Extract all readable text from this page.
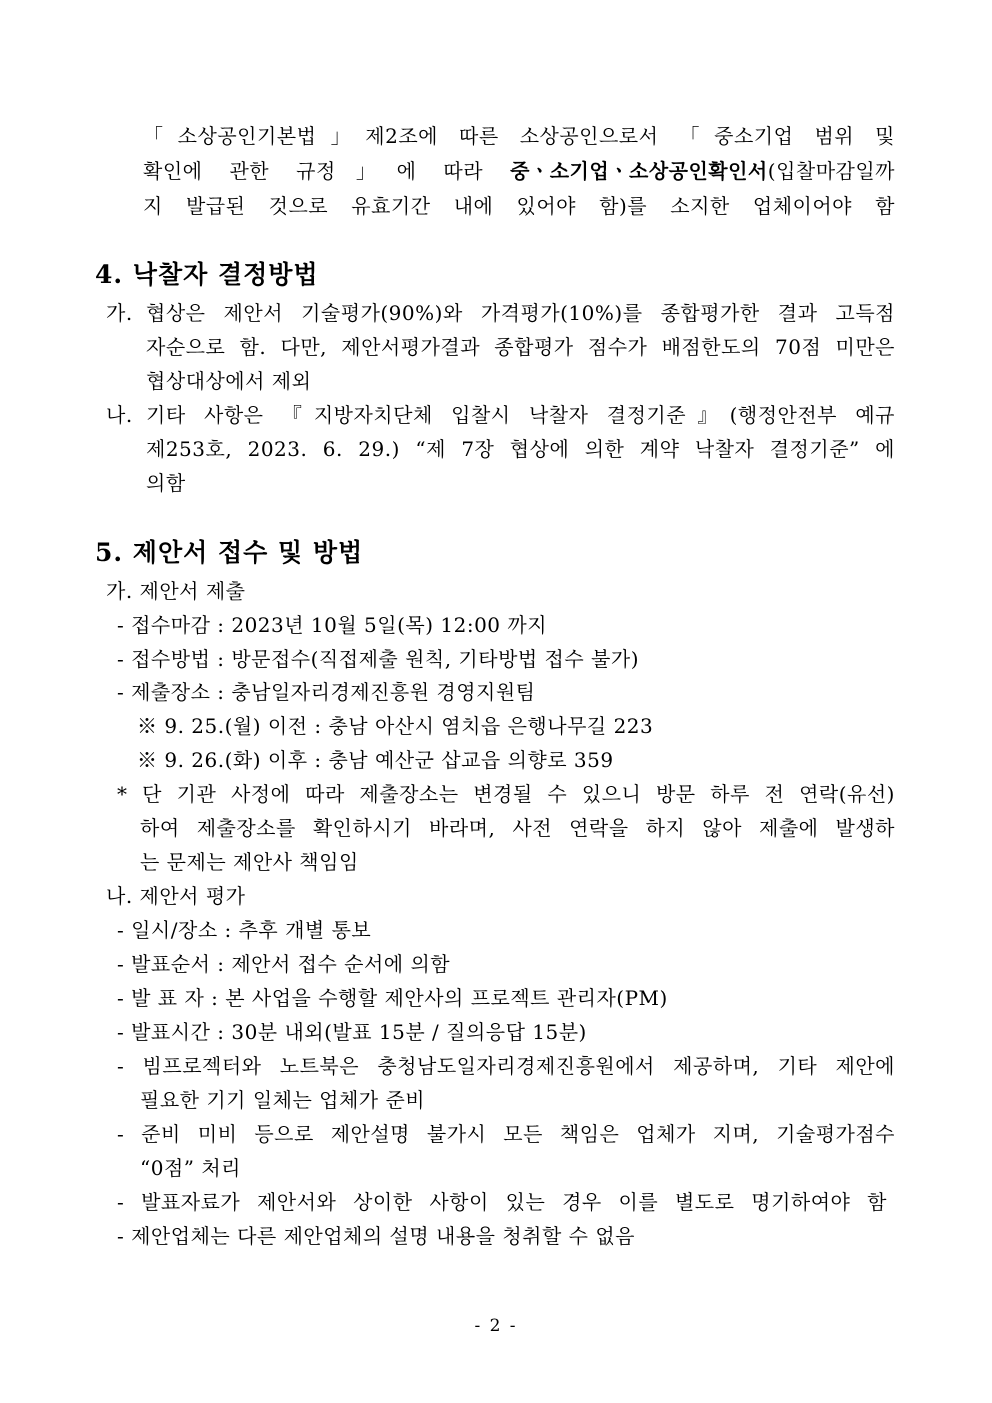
「소상공인기본법」제2조에 따른 소상공인으로서 「중소기업 범위 및
확인에 관한 규정」에 따라 중ㆍ소기업ㆍ소상공인확인서(입찰마감일까
지 발급된 것으로 유효기간 내에 있어야 함)를 소지한 업체이어야 함
4. 낙찰자 결정방법
가. 협상은 제안서 기술평가(90%)와 가격평가(10%)를 종합평가한 결과 고득점
자순으로 함. 다만, 제안서평가결과 종합평가 점수가 배점한도의 70점 미만은
협상대상에서 제외
나. 기타 사항은 『지방자치단체 입찰시 낙찰자 결정기준』(행정안전부 예규
제253호, 2023. 6. 29.) “제 7장 협상에 의한 계약 낙찰자 결정기준” 에
의함
5. 제안서 접수 및 방법
가. 제안서 제출
- 접수마감 : 2023년 10월 5일(목) 12:00 까지
- 접수방법 : 방문접수(직접제출 원칙, 기타방법 접수 불가)
- 제출장소 : 충남일자리경제진흥원 경영지원팀
※ 9. 25.(월) 이전 : 충남 아산시 염치읍 은행나무길 223
※ 9. 26.(화) 이후 : 충남 예산군 삽교읍 의향로 359
* 단 기관 사정에 따라 제출장소는 변경될 수 있으니 방문 하루 전 연락(유선)
하여 제출장소를 확인하시기 바라며, 사전 연락을 하지 않아 제출에 발생하
는 문제는 제안사 책임임
나. 제안서 평가
- 일시/장소 : 추후 개별 통보
- 발표순서 : 제안서 접수 순서에 의함
- 발 표 자 : 본 사업을 수행할 제안사의 프로젝트 관리자(PM)
- 발표시간 : 30분 내외(발표 15분 / 질의응답 15분)
- 빔프로젝터와 노트북은 충청남도일자리경제진흥원에서 제공하며, 기타 제안에
필요한 기기 일체는 업체가 준비
- 준비 미비 등으로 제안설명 불가시 모든 책임은 업체가 지며, 기술평가점수
“0점” 처리
- 발표자료가 제안서와 상이한 사항이 있는 경우 이를 별도로 명기하여야 함
- 제안업체는 다른 제안업체의 설명 내용을 청취할 수 없음
- 2 -
